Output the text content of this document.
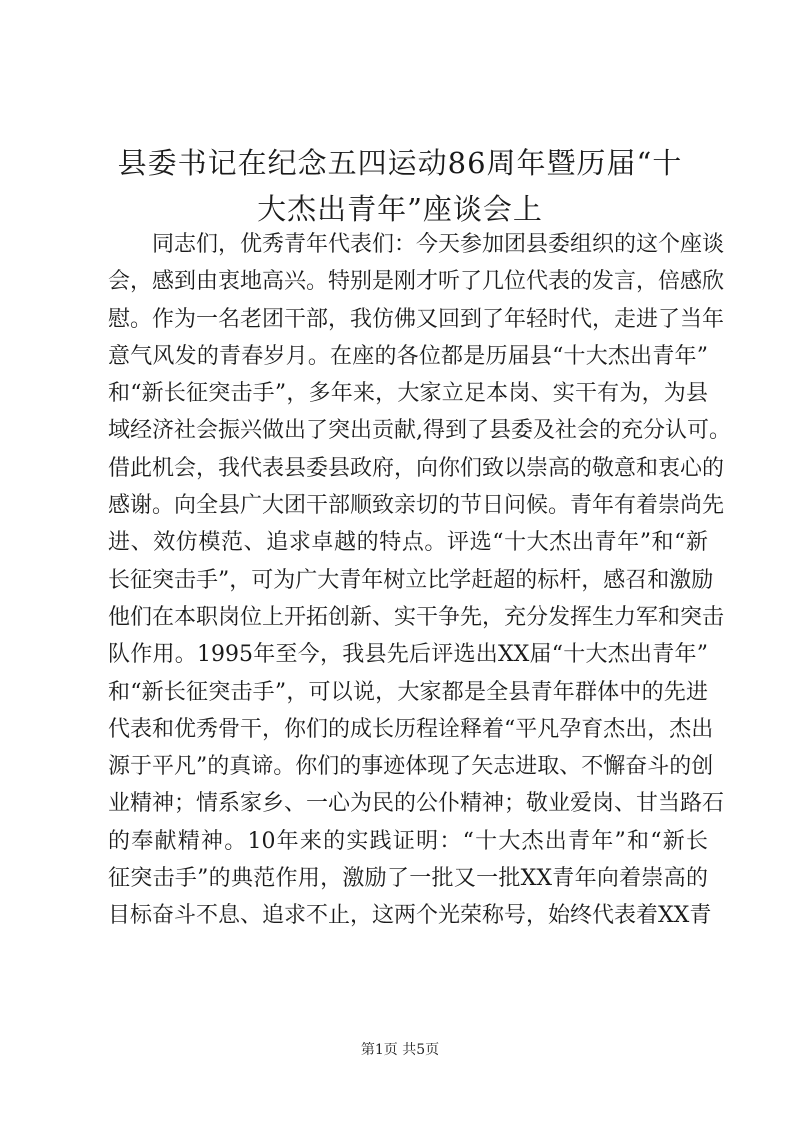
县委书记在纪念五四运动86周年暨历届“十
大杰出青年”座谈会上
同志们，优秀青年代表们：今天参加团县委组织的这个座谈
会，感到由衷地高兴。特别是刚才听了几位代表的发言，倍感欣
慰。作为一名老团干部，我仿佛又回到了年轻时代，走进了当年
意气风发的青春岁月。在座的各位都是历届县“十大杰出青年”
和“新长征突击手”，多年来，大家立足本岗、实干有为，为县
域经济社会振兴做出了突出贡献,得到了县委及社会的充分认可。
借此机会，我代表县委县政府，向你们致以崇高的敬意和衷心的
感谢。向全县广大团干部顺致亲切的节日问候。青年有着崇尚先
进、效仿模范、追求卓越的特点。评选“十大杰出青年”和“新
长征突击手”，可为广大青年树立比学赶超的标杆，感召和激励
他们在本职岗位上开拓创新、实干争先，充分发挥生力军和突击
队作用。1995年至今，我县先后评选出XX届“十大杰出青年”
和“新长征突击手”，可以说，大家都是全县青年群体中的先进
代表和优秀骨干，你们的成长历程诠释着“平凡孕育杰出，杰出
源于平凡”的真谛。你们的事迹体现了矢志进取、不懈奋斗的创
业精神；情系家乡、一心为民的公仆精神；敬业爱岗、甘当路石
的奉献精神。10年来的实践证明：“十大杰出青年”和“新长
征突击手”的典范作用，激励了一批又一批XX青年向着崇高的
目标奋斗不息、追求不止，这两个光荣称号，始终代表着XX青
第1页 共5页
